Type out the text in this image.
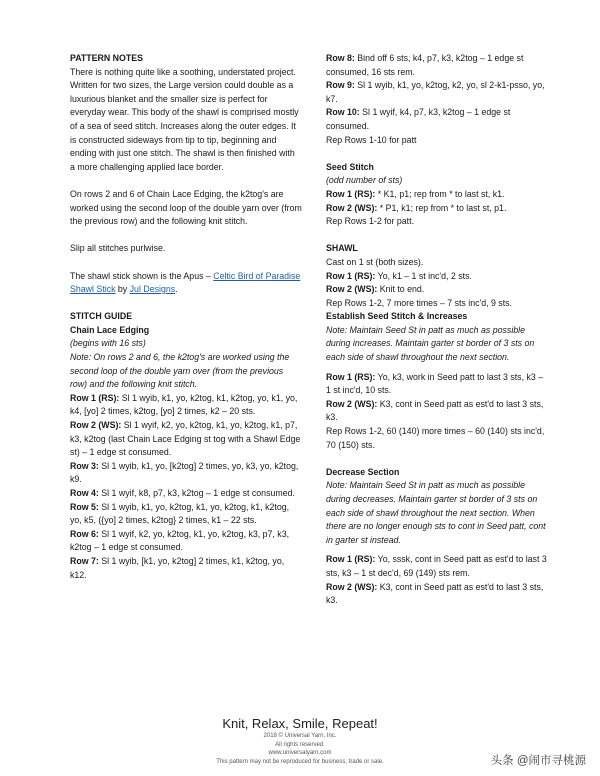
PATTERN NOTES

There is nothing quite like a soothing, understated project. Written for two sizes, the Large version could double as a luxurious blanket and the smaller size is perfect for everyday wear. This body of the shawl is comprised mostly of a sea of seed stitch. Increases along the outer edges. It is constructed sideways from tip to tip, beginning and ending with just one stitch. The shawl is then finished with a more challenging applied lace border.

On rows 2 and 6 of Chain Lace Edging, the k2tog's are worked using the second loop of the double yarn over (from the previous row) and the following knit stitch.

Slip all stitches purlwise.

The shawl stick shown is the Apus – Celtic Bird of Paradise Shawl Stick by Jul Designs.

STITCH GUIDE

Chain Lace Edging

(begins with 16 sts)

Note: On rows 2 and 6, the k2tog's are worked using the second loop of the double yarn over (from the previous row) and the following knit stitch.

Row 1 (RS): Sl 1 wyib, k1, yo, k2tog, k1, k2tog, yo, k1, yo, k4, [yo] 2 times, k2tog, [yo] 2 times, k2 – 20 sts.

Row 2 (WS): Sl 1 wyif, k2, yo, k2tog, k1, yo, k2tog, k1, p7, k3, k2tog (last Chain Lace Edging st tog with a Shawl Edge st) – 1 edge st consumed.

Row 3: Sl 1 wyib, k1, yo, [k2tog] 2 times, yo, k3, yo, k2tog, k9.

Row 4: Sl 1 wyif, k8, p7, k3, k2tog – 1 edge st consumed.

Row 5: Sl 1 wyib, k1, yo, k2tog, k1, yo, k2tog, k1, k2tog, yo, k5, ({yo] 2 times, k2tog} 2 times, k1 – 22 sts.

Row 6: Sl 1 wyif, k2, yo, k2tog, k1, yo, k2tog, k3, p7, k3, k2tog – 1 edge st consumed.

Row 7: Sl 1 wyib, [k1, yo, k2tog] 2 times, k1, k2tog, yo, k12.

Row 8: Bind off 6 sts, k4, p7, k3, k2tog – 1 edge st consumed, 16 sts rem.

Row 9: Sl 1 wyib, k1, yo, k2tog, k2, yo, sl 2-k1-psso, yo, k7.

Row 10: Sl 1 wyif, k4, p7, k3, k2tog – 1 edge st consumed.

Rep Rows 1-10 for patt

Seed Stitch

(odd number of sts)

Row 1 (RS): * K1, p1; rep from * to last st, k1.

Row 2 (WS): * P1, k1; rep from * to last st, p1.

Rep Rows 1-2 for patt.

SHAWL

Cast on 1 st (both sizes).

Row 1 (RS): Yo, k1 – 1 st inc'd, 2 sts.

Row 2 (WS): Knit to end.

Rep Rows 1-2, 7 more times – 7 sts inc'd, 9 sts.

Establish Seed Stitch & Increases

Note: Maintain Seed St in patt as much as possible during increases. Maintain garter st border of 3 sts on each side of shawl throughout the next section.

Row 1 (RS): Yo, k3, work in Seed patt to last 3 sts, k3 – 1 st inc'd, 10 sts.

Row 2 (WS): K3, cont in Seed patt as est'd to last 3 sts, k3.

Rep Rows 1-2, 60 (140) more times – 60 (140) sts inc'd, 70 (150) sts.

Decrease Section

Note: Maintain Seed St in patt as much as possible during decreases. Maintain garter st border of 3 sts on each side of shawl throughout the next section. When there are no longer enough sts to cont in Seed patt, cont in garter st instead.

Row 1 (RS): Yo, sssk, cont in Seed patt as est'd to last 3 sts, k3 – 1 st dec'd, 69 (149) sts rem.

Row 2 (WS): K3, cont in Seed patt as est'd to last 3 sts, k3.

Knit, Relax, Smile, Repeat!
2018 © Universal Yarn, Inc.
All rights reserved.
www.universalyarn.com
This pattern may not be reproduced for business, trade or sale.	头条 @闹市寻桃源
